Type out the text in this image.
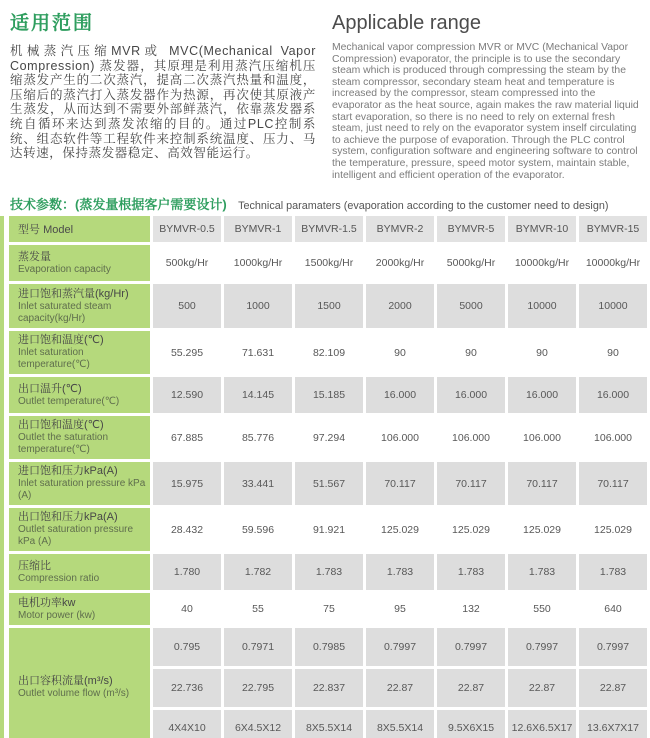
适用范围

机械蒸汽压缩MVR或 MVC(Mechanical Vapor Compression) 蒸发器，其原理是利用蒸汽压缩机压缩蒸发产生的二次蒸汽，提高二次蒸汽热量和温度，压缩后的蒸汽打入蒸发器作为热源，再次使其原液产生蒸发，从而达到不需要外部鲜蒸汽，依靠蒸发器系统自循环来达到蒸发浓缩的目的。通过PLC控制系统、组态软件等工程软件来控制系统温度、压力、马达转速，保持蒸发器稳定、高效智能运行。

Applicable range

Mechanical vapor compression MVR or MVC (Mechanical Vapor Compression) evaporator, the principle is to use the secondary steam which is produced through compressing the steam by the steam compressor, secondary steam heat and temperature is increased by the compressor, steam compressed into the evaporator as the heat source, again makes the raw material liquid start evaporation, so there is no need to rely on external fresh steam, just need to rely on the evaporator system inself circulating to achieve the purpose of evaporation. Through the PLC control system, configuration software and engineering software to control the temperature, pressure, speed motor system, maintain stable, intelligent and efficient operation of the evaporator.

技术参数：(蒸发量根据客户需要设计) Technical paramaters (evaporation according to the customer need to design)
型号 Model	BYMVR-0.5	BYMVR-1	BYMVR-1.5	BYMVR-2	BYMVR-5	BYMVR-10	BYMVR-15

蒸发量
Evaporation capacity	500kg/Hr	1000kg/Hr	1500kg/Hr	2000kg/Hr	5000kg/Hr	10000kg/Hr	10000kg/Hr

进口饱和蒸汽量(kg/Hr)
Inlet saturated steam capacity(kg/Hr)	500	1000	1500	2000	5000	10000	10000

进口饱和温度(℃)
Inlet saturation temperature(℃)	55.295	71.631	82.109	90	90	90	90

出口温升(℃)
Outlet temperature(℃)	12.590	14.145	15.185	16.000	16.000	16.000	16.000

出口饱和温度(℃)
Outlet the saturation temperature(℃)	67.885	85.776	97.294	106.000	106.000	106.000	106.000

进口饱和压力kPa(A)
Inlet saturation pressure kPa (A)	15.975	33.441	51.567	70.117	70.117	70.117	70.117

出口饱和压力kPa(A)
Outlet saturation pressure kPa (A)	28.432	59.596	91.921	125.029	125.029	125.029	125.029

压缩比
Compression ratio	1.780	1.782	1.783	1.783	1.783	1.783	1.783

电机功率kw
Motor power (kw)	40	55	75	95	132	550	640

出口容积流量(m³/s)
Outlet volume flow (m³/s)	0.795	0.7971	0.7985	0.7997	0.7997	0.7997	0.7997
	22.736	22.795	22.837	22.87	22.87	22.87	22.87
	4X4X10	6X4.5X12	8X5.5X14	8X5.5X14	9.5X6X15	12.6X6.5X17	13.6X7X17
